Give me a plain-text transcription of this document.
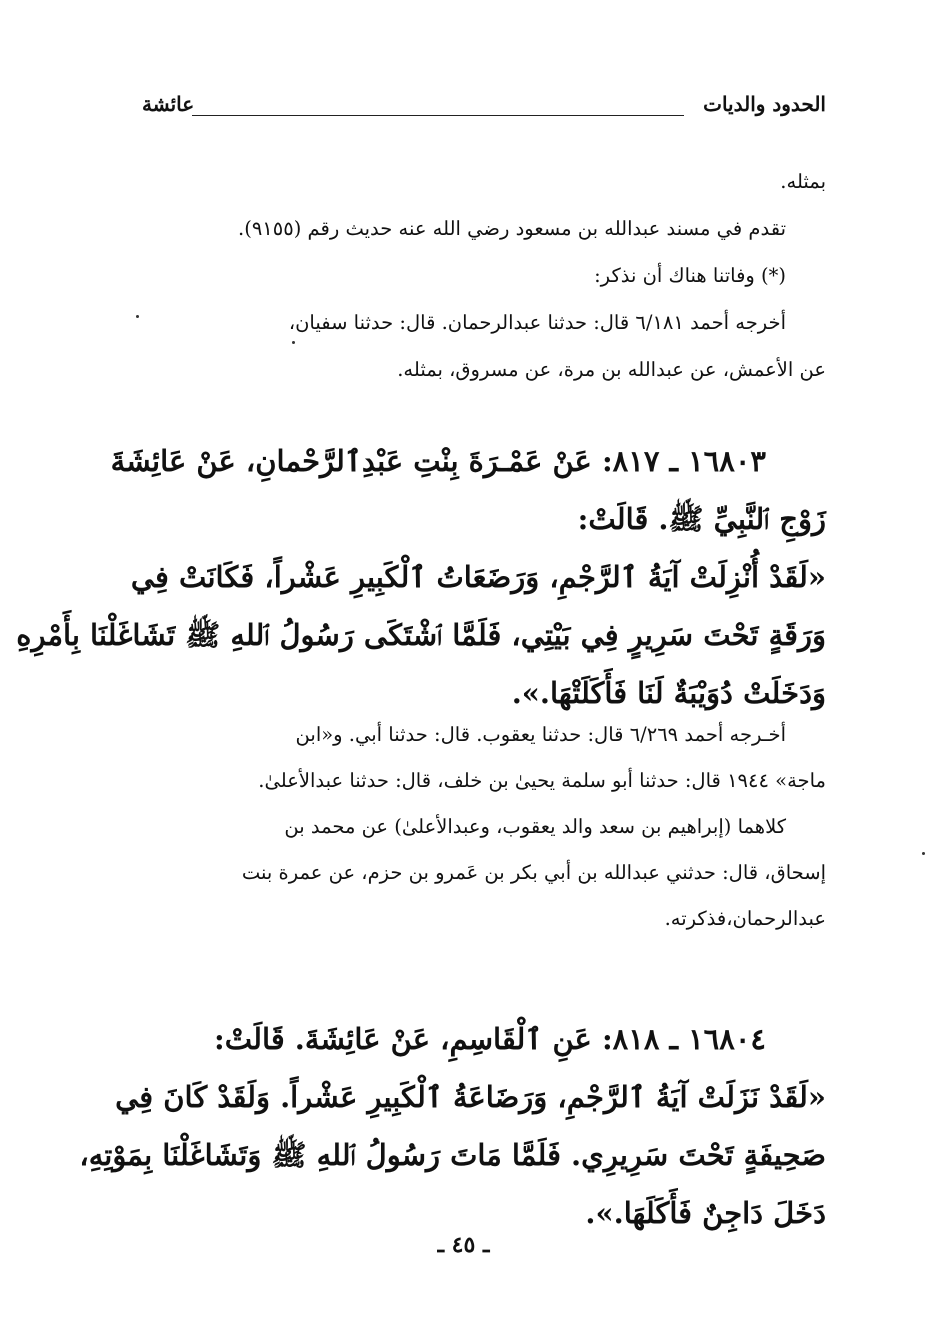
الحدود والديات
عائشة
بمثله.
تقدم في مسند عبدالله بن مسعود رضي الله عنه حديث رقم (٩١٥٥).
(*) وفاتنا هناك أن نذكر:
أخرجه أحمد ٦/١٨١ قال: حدثنا عبدالرحمان. قال: حدثنا سفيان،
عن الأعمش، عن عبدالله بن مرة، عن مسروق، بمثله.
١٦٨٠٣ ـ ٨١٧: عَنْ عَمْـرَةَ بِنْتِ عَبْدِٱلرَّحْمانِ، عَنْ عَائِشَةَ
زَوْجِ ٱلنَّبِيِّ ﷺ. قَالَتْ:
«لَقَدْ أُنْزِلَتْ آيَةُ ٱلرَّجْمِ، وَرَضَعَاتُ ٱلْكَبِيرِ عَشْراً، فَكَانَتْ فِي
وَرَقَةٍ تَحْتَ سَرِيرٍ فِي بَيْتِي، فَلَمَّا ٱشْتَكَى رَسُولُ ٱللهِ ﷺ تَشَاغَلْنَا بِأَمْرِهِ
وَدَخَلَتْ دُوَيْبَةٌ لَنَا فَأَكَلَتْهَا.».
أخـرجه أحمد ٦/٢٦٩ قال: حدثنا يعقوب. قال: حدثنا أبي. و«ابن
ماجة» ١٩٤٤ قال: حدثنا أبو سلمة يحيىٰ بن خلف، قال: حدثنا عبدالأعلىٰ.
كلاهما (إبراهيم بن سعد والد يعقوب، وعبدالأعلىٰ) عن محمد بن
إسحاق، قال: حدثني عبدالله بن أبي بكر بن عَمرو بن حزم، عن عمرة بنت
عبدالرحمان،فذكرته.
١٦٨٠٤ ـ ٨١٨: عَنِ ٱلْقَاسِمِ، عَنْ عَائِشَةَ. قَالَتْ:
«لَقَدْ نَزَلَتْ آيَةُ ٱلرَّجْمِ، وَرَضَاعَةُ ٱلْكَبِيرِ عَشْراً. وَلَقَدْ كَانَ فِي
صَحِيفَةٍ تَحْتَ سَرِيرِي. فَلَمَّا مَاتَ رَسُولُ ٱللهِ ﷺ وَتَشَاغَلْنَا بِمَوْتِهِ،
دَخَلَ دَاجِنٌ فَأَكَلَهَا.».
ـ ٤٥ ـ
